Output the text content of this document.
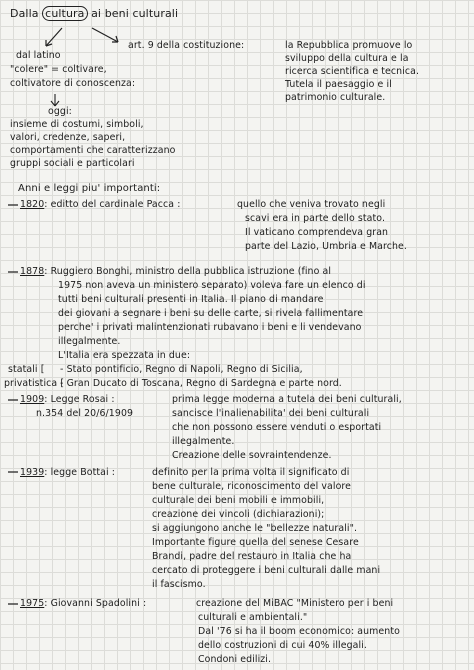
Dalla cultura ai beni culturali
dal latino
"colere" = coltivare,
coltivatore di conoscenza:
oggi:
insieme di costumi, simboli,
valori, credenze, saperi,
comportamenti che caratterizzano
gruppi sociali e particolari
art. 9 della costituzione:	la Repubblica promuove lo
sviluppo della cultura e la
ricerca scientifica e tecnica.
Tutela il paesaggio e il
patrimonio culturale.
Anni e leggi piu' importanti:
1820: editto del cardinale Pacca :	quello che veniva trovato negli
scavi era in parte dello stato.
Il vaticano comprendeva gran
parte del Lazio, Umbria e Marche.
1878: Ruggiero Bonghi, ministro della pubblica istruzione (fino al
1975 non aveva un ministero separato) voleva fare un elenco di
tutti beni culturali presenti in Italia. Il piano di mandare
dei giovani a segnare i beni su delle carte, si rivela fallimentare
perche' i privati malintenzionati rubavano i beni e li vendevano
illegalmente.
L'Italia era spezzata in due:
statali [ - Stato pontificio, Regno di Napoli, Regno di Sicilia,
privatistica [
- Gran Ducato di Toscana, Regno di Sardegna e parte nord.
1909: Legge Rosai :
n.354 del 20/6/1909
prima legge moderna a tutela dei beni culturali,
sancisce l'inalienabilita' dei beni culturali
che non possono essere venduti o esportati
illegalmente.
Creazione delle sovraintendenze.
1939: legge Bottai :	definito per la prima volta il significato di
bene culturale, riconoscimento del valore
culturale dei beni mobili e immobili,
creazione dei vincoli (dichiarazioni);
si aggiungono anche le "bellezze naturali".
Importante figure quella del senese Cesare
Brandi, padre del restauro in Italia che ha
cercato di proteggere i beni culturali dalle mani
il fascismo.
1975: Giovanni Spadolini :	creazione del MiBAC "Ministero per i beni
culturali e ambientali."
Dal '76 si ha il boom economico: aumento
dello costruzioni di cui 40% illegali.
Condoni edilizi.
